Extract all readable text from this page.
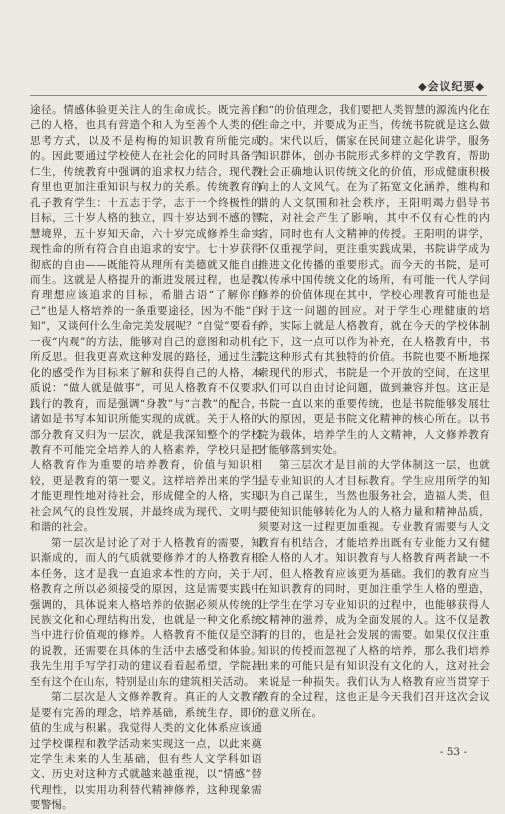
◆会议纪要◆

途径。情感体验更关注人的生命成长。既完善自己的人格，也具有营造个和人为至善个人类的伦思考方式，以及不是构梅的知识教育所能完成的。因此要通过学校使人在社会化的同时具备学仁生，传统教育中强调的追求权力结合，现代教育里也更加注重知识与权力的关系。传统教育的孔子教育学生：十五志于学，志于一个终极性的目标，三十岁人格的独立，四十岁达到不感的智慧境界，五十岁知天命，六十岁完成修养生命实现性命的所有符合自由追求的安宁。七十岁获得彻底的自由——既能符从理所有美德就又能自由而生。这就是人格提升的渐进发展过程，也是教育理想应该追求的目标，希腊古语“了解你自己”也是人格培养的一条重要途径，因为不能“自知”，又谈何什么生命完美发展呢？“自觉”要看有一夜“内观”的方法，能够对自己的意图和动机有所反思。但我更喜欢这种发展的路径，通过生活化的感受作为目标来了解和获得自己的人格，本质说：“做人就是做事”，可见人格教育不仅要求践行的教育，而是强调“身教”与“言教”的配合，诸如是书写本知识所能实现的成就。关于人格的部分教育又归为一层次，就是我深知整个的学校教育不可能完全培养人的人格素养，学校只是把人格教育作为重要的培养教育，价值与知识相较，更是教育的第一要义。这样培养出来的学生才能更理性地对待社会，形成健全的人格，实现社会风气的良性发展，并最终成为现代、文明与和谐的社会。

第一层次是讨论了对于人格教育的需要，知识渐成的，而人的气质就要修养才的人格教育根本任务，这才是我一直追求本性的方向，关于人格教育之所以必须接受的原因，这是需要实践中强调的，具体说来人格培养的依据必须从传统的民族文化和心理结构出发，也就是一种文化系统当中进行价值观的修养。人格教育不能仅是空洞的说教，还需要在具体的生活中去感受和体验。我先生用手写学打动的建议看看起希望，学院甚至有这个在山东，特别是山东的建筑相关活动。

第二层次是人文修养教育。真正的人文教育是要有完善的理念，培养基础，系统生存，即价值的生成与积累。我觉得人类的文化体系应该通过学校课程和教学活动来实现这一点，以此来奠定学生未来的人生基础，但有些人文学科如语文、历史对这种方式就越来越重视，以“情感”替代理性，以实用功利替代精神修养，这种现象需要警惕。

和“的价值理念，我们要把人类智慧的源流内化在生命之中，并要成为正当，传统书院就是这么做的。宋代以后，儒家在民间建立起化讲学，服务知识群体，创办书院形式多样的文学教育，帮助社会正确地认识传统文化的价值，形成健康积极向上的人文风气。在为了拓宽文化涵养，维构和谐的人文氛围和社会秩序，王阳明竭力倡导书院，对社会产生了影响，其中不仅有心性的内省，同时也有人文精神的传授。王阳明的讲学，不仅重视学问，更注重实践成果，书院讲学成为推进文化传播的重要形式。而今天的书院，是可以传承中国传统文化的场所，有可能一代人学问修养的价值体现在其中，学校心理教育可能也是对于这一问题的回应。对于学生心理健康的培养，实际上就是人格教育，就在今天的学校体制之下，这一点可以作为补充，在人格教育中，书院这种形式有其独特的价值。书院也要不断地探索现代的形式，书院是一个开放的空间，在这里人们可以自由讨论问题，做到兼容并包。这正是书院一直以来的重要传统，也是书院能够发展壮大的原因，更是书院文化精神的核心所在。以书院为载体，培养学生的人文精神，人文修养教育才能够落到实处。

第三层次才是目前的大学体制这一层，也就是专业知识的人才目标教育。学生应用所学的知识为自己谋生，当然也服务社会，造福人类，但要使知识能够转化为人的人格力量和精神品质，须要对这一过程更加重视。专业教育需要与人文教育有机结合，才能培养出既有专业能力又有健全人格的人才。知识教育与人格教育两者缺一不可，但人格教育应该更为基础。我们的教育应当在知识教育的同时，更加注重学生人格的塑造，让学生在学习专业知识的过程中，也能够获得人文精神的滋养，成为全面发展的人。这不仅是教育的目的，也是社会发展的需要。如果仅仅注重知识的传授而忽视了人格的培养，那么我们培养出来的可能只是有知识没有文化的人，这对社会来说是一种损失。我们认为人格教育应当贯穿于教育的全过程，这也正是今天我们召开这次会议的意义所在。

- 53 -
